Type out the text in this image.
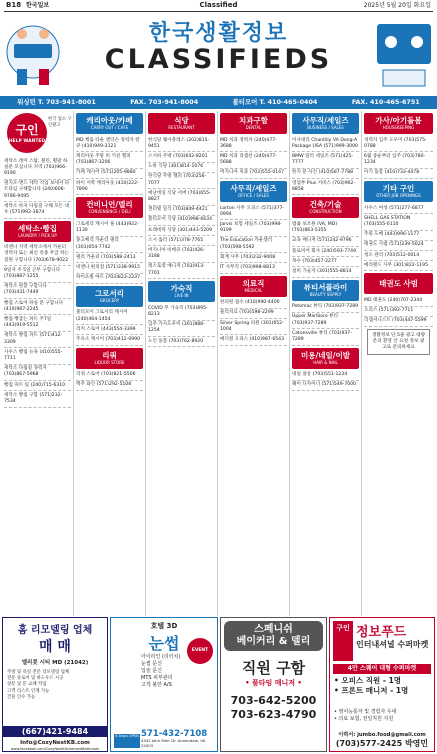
B18 한국일보	Classified	2025년 5월 20일 화요일
한국생활정보
CLASSIFIEDS
워싱턴 T. 703-941-8001	FAX. 703-941-8004	볼티모어 T. 410-465-0404	FAX. 410-465-6751
구인
HELP WANTED
한국 업소 구인광고

세탁소 레이 스탑, 철린, 횡말 하실분 모십니다 지역 (703)966-9190

옆지오-앤드 세탁 직업 보세서 파트타임 구해합니다 (240)606-9786-9495

세탁소 바지 다림질 구해 모든 대우 (571)992-3874

세탁소·빵집
LAUNDRY / PICK UP

비엔나 지역 세탁소에서 카운터 경력자 또는 최신 옥종 무급 하는 점원 구합니다 (703)678-9022

9일자 주 5일 근무 구합니다 (703)887-1255

세탁소 원할 구합니다 (703)431-7449

빵집 스토어 하실 분 구합니다 (410)987-2245

빵집 빵굽는 파트 주7일 (443)919-5512

세탁소 빵집 파트 (571)412-3309

사우스 빵집 뉴욕 (410)555-7711

세탁소 다림질 경력자 (703)867-5968

빵집 파트 및 (240)715-6310

세탁소 빵집 구합 (571)232-7534

캐리아웃/카페
CARRY OUT / CAFE

MD 캐롤 타운 앤더슨 경력자 칼큐 (410)949-3121

캐리아웃 주말 비 키친 헬퍼 (703)867-3206

카페 캐시어 (571)205-9880

하이 서쪽 캐리아웃 (410)222-7890

컨비니언/델리
CONVENIENCE / DELI

그로세리 캐시어 풀 (443)922-1130

몽고메리 카운티 델리 (301)654-7742

델리 카운터 (703)588-2413

비엔나 편의점 (571)338-9915

하이츠빌 마트 (703)823-2237

그로서리
GROCERY

볼티모어 그로서리 캐시어 (240)464-1454

리커 스토어 (443)554-3399

주유소 캐시어 (703)412-0990

리쿼
LIQUOR STORE

리쿼 스토어 (703)821-5506

맥주 와인 (571)292-5108

식당
RESTAURANT

한식당 웨이츄레스 (202)815-9451

스시바 주방 (703)642-8201

노바 식당 (301)814-1076

한식당 주방 헬퍼 (703)256-7077

애난데일 식당 서버 (703)655-8827

센터빌 일식 (703)849-4421

볼티모어 식당 (410)998-6634

프레데릭 식당 (301)443-5209

스시 롤러 (571)378-7765

버지니아 바베큐 (703)426-3188

레스토랑 매니저 (703)913-7701

가숙직
LIVE IN

COVID 무 가숙직 (703)895-8213

입주 가사도우미 (301)888-1254

노인 돌봄 (703)762-8920

치과구함
DENTAL

MD 치과 경력자 (240)477-3688

MD 치과 리셉션 (240)477-5688

버지니아 치과 (703)555-0147

사무직/세일즈
OFFICE / SALES

Lorton 사무 오피스 (571)377-0994

Jarvis 보험 세일즈 (703)998-9199

The Education 카운셀러 (703)598-5592

회계 사무 (703)232-9008

IT 사무직 (703)998-8813

의료직
MEDICAL

한의원 접수 (410)990-4400

물리치료 (703)598-2299

Silver Spring 의원 (301)652-1004

메디컬 오피스 (410)987-6543

사무직/세일즈
BUSINESS / SALES

이사대리 Chantilly VA Dong-A Package USA (571)999-3000

BMW 딜러 세일즈 (571)425-7777

한지 분 사진 (410)587-7788

영업부 Plus 서비스 (703)962-8858

건축/기술
CONSTRUCTION

법률 보조원 (VA, MD) (703)863-5355

교육 매니저 (571)242-9796

플로미어 회사 (240)593-7749

목수 (703)457-2277

설비 기술자 (301)555-8814

뷰티서플라이
BEAUTY SUPPLY

Potomac 뷰티 (703)937-7289

Upper Marlboro 뷰티 (703)937-7289

Catonsville 뷰티 (703)937-7289

미용/네일/이발
HAIR & NAIL

네일 살롱 (703)551-1234

헤어 디자이너 (571)549-7000

가사/아기돌봄
HOUSEKEEPING

경력자 입주 도우미 (703)575-0788

6월 중순부터 입주 (703)780-1234

아기 돌봄 (410)733-4478

기타 구인
OTHER JOB OPENINGS

사우스 여성 (571)277-6877

SHELL GAS STATION (703)555-0110

주류 도매 (443)996-1177

태권도 사범 (571)239-5024

청소 관리 (703)512-0014

메리랜드 사무 (301)822-1195

태권도 사범

MD 태권도 (240)707-2344

오피스 (571)392-7711

리셉셔니스트 (703)447-5599

생활정보 단 5줄 광고 대량문의 환영 안 요청 정보 광고로 문의하세요
홈 리모델링 업체
매 매
엘리콧 시티 MD (21042)
주방 및 욕실 전문 리모델링 업체
전문 플로어 및 하드우드 시공
창문 및 문 교체 작업
고객 리스트 인계 가능
건물 인수 가능
(667)421-9484
Info@CozyNestKB.com
www.facebook.com/CozyNestKitchenandBathroom
호텔 3D
눈썹	EVENT
아이라인 (리터치)
눈썹 문신
입술 문신
MTS 피부관리
고객 불만 A/S
6 Days OPEN 571-432-7108
4342 John Marr Dr. Annandale, VA 22003
스페니쉬
베이커리 & 델리
직원 구함
• 풀타임 매니저 •
703-642-5200
703-623-4790
구인 정보푸드
인터내셔널 수퍼마켓
4만 스퀘어 대형 수퍼마켓
• 오피스 직원 - 1명
• 프론트 매니저 - 1명
• 영어능통자 및 경험자 우대
• 의료 보험, 전일직원 지원
이력서: jumbo.food@gmail.com
(703)577-2425 박영민
